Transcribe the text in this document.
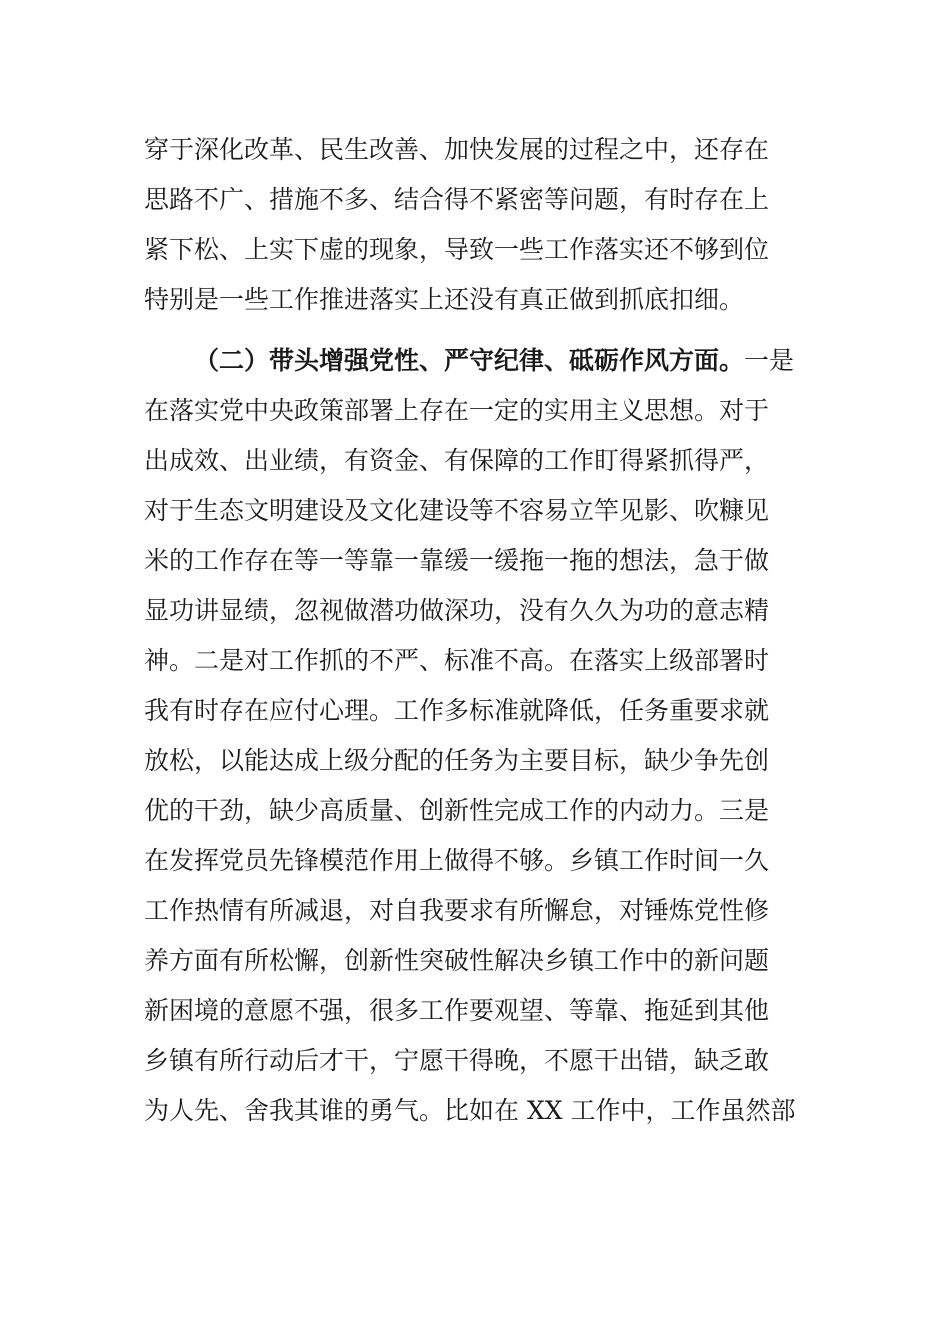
穿于深化改革、民生改善、加快发展的过程之中，还存在
思路不广、措施不多、结合得不紧密等问题，有时存在上
紧下松、上实下虚的现象，导致一些工作落实还不够到位
特别是一些工作推进落实上还没有真正做到抓底扣细。
（二）带头增强党性、严守纪律、砥砺作风方面。一是
在落实党中央政策部署上存在一定的实用主义思想。对于
出成效、出业绩，有资金、有保障的工作盯得紧抓得严，
对于生态文明建设及文化建设等不容易立竿见影、吹糠见
米的工作存在等一等靠一靠缓一缓拖一拖的想法，急于做
显功讲显绩，忽视做潜功做深功，没有久久为功的意志精
神。二是对工作抓的不严、标准不高。在落实上级部署时
我有时存在应付心理。工作多标准就降低，任务重要求就
放松，以能达成上级分配的任务为主要目标，缺少争先创
优的干劲，缺少高质量、创新性完成工作的内动力。三是
在发挥党员先锋模范作用上做得不够。乡镇工作时间一久
工作热情有所减退，对自我要求有所懈怠，对锤炼党性修
养方面有所松懈，创新性突破性解决乡镇工作中的新问题
新困境的意愿不强，很多工作要观望、等靠、拖延到其他
乡镇有所行动后才干，宁愿干得晚，不愿干出错，缺乏敢
为人先、舍我其谁的勇气。比如在 XX 工作中，工作虽然部
